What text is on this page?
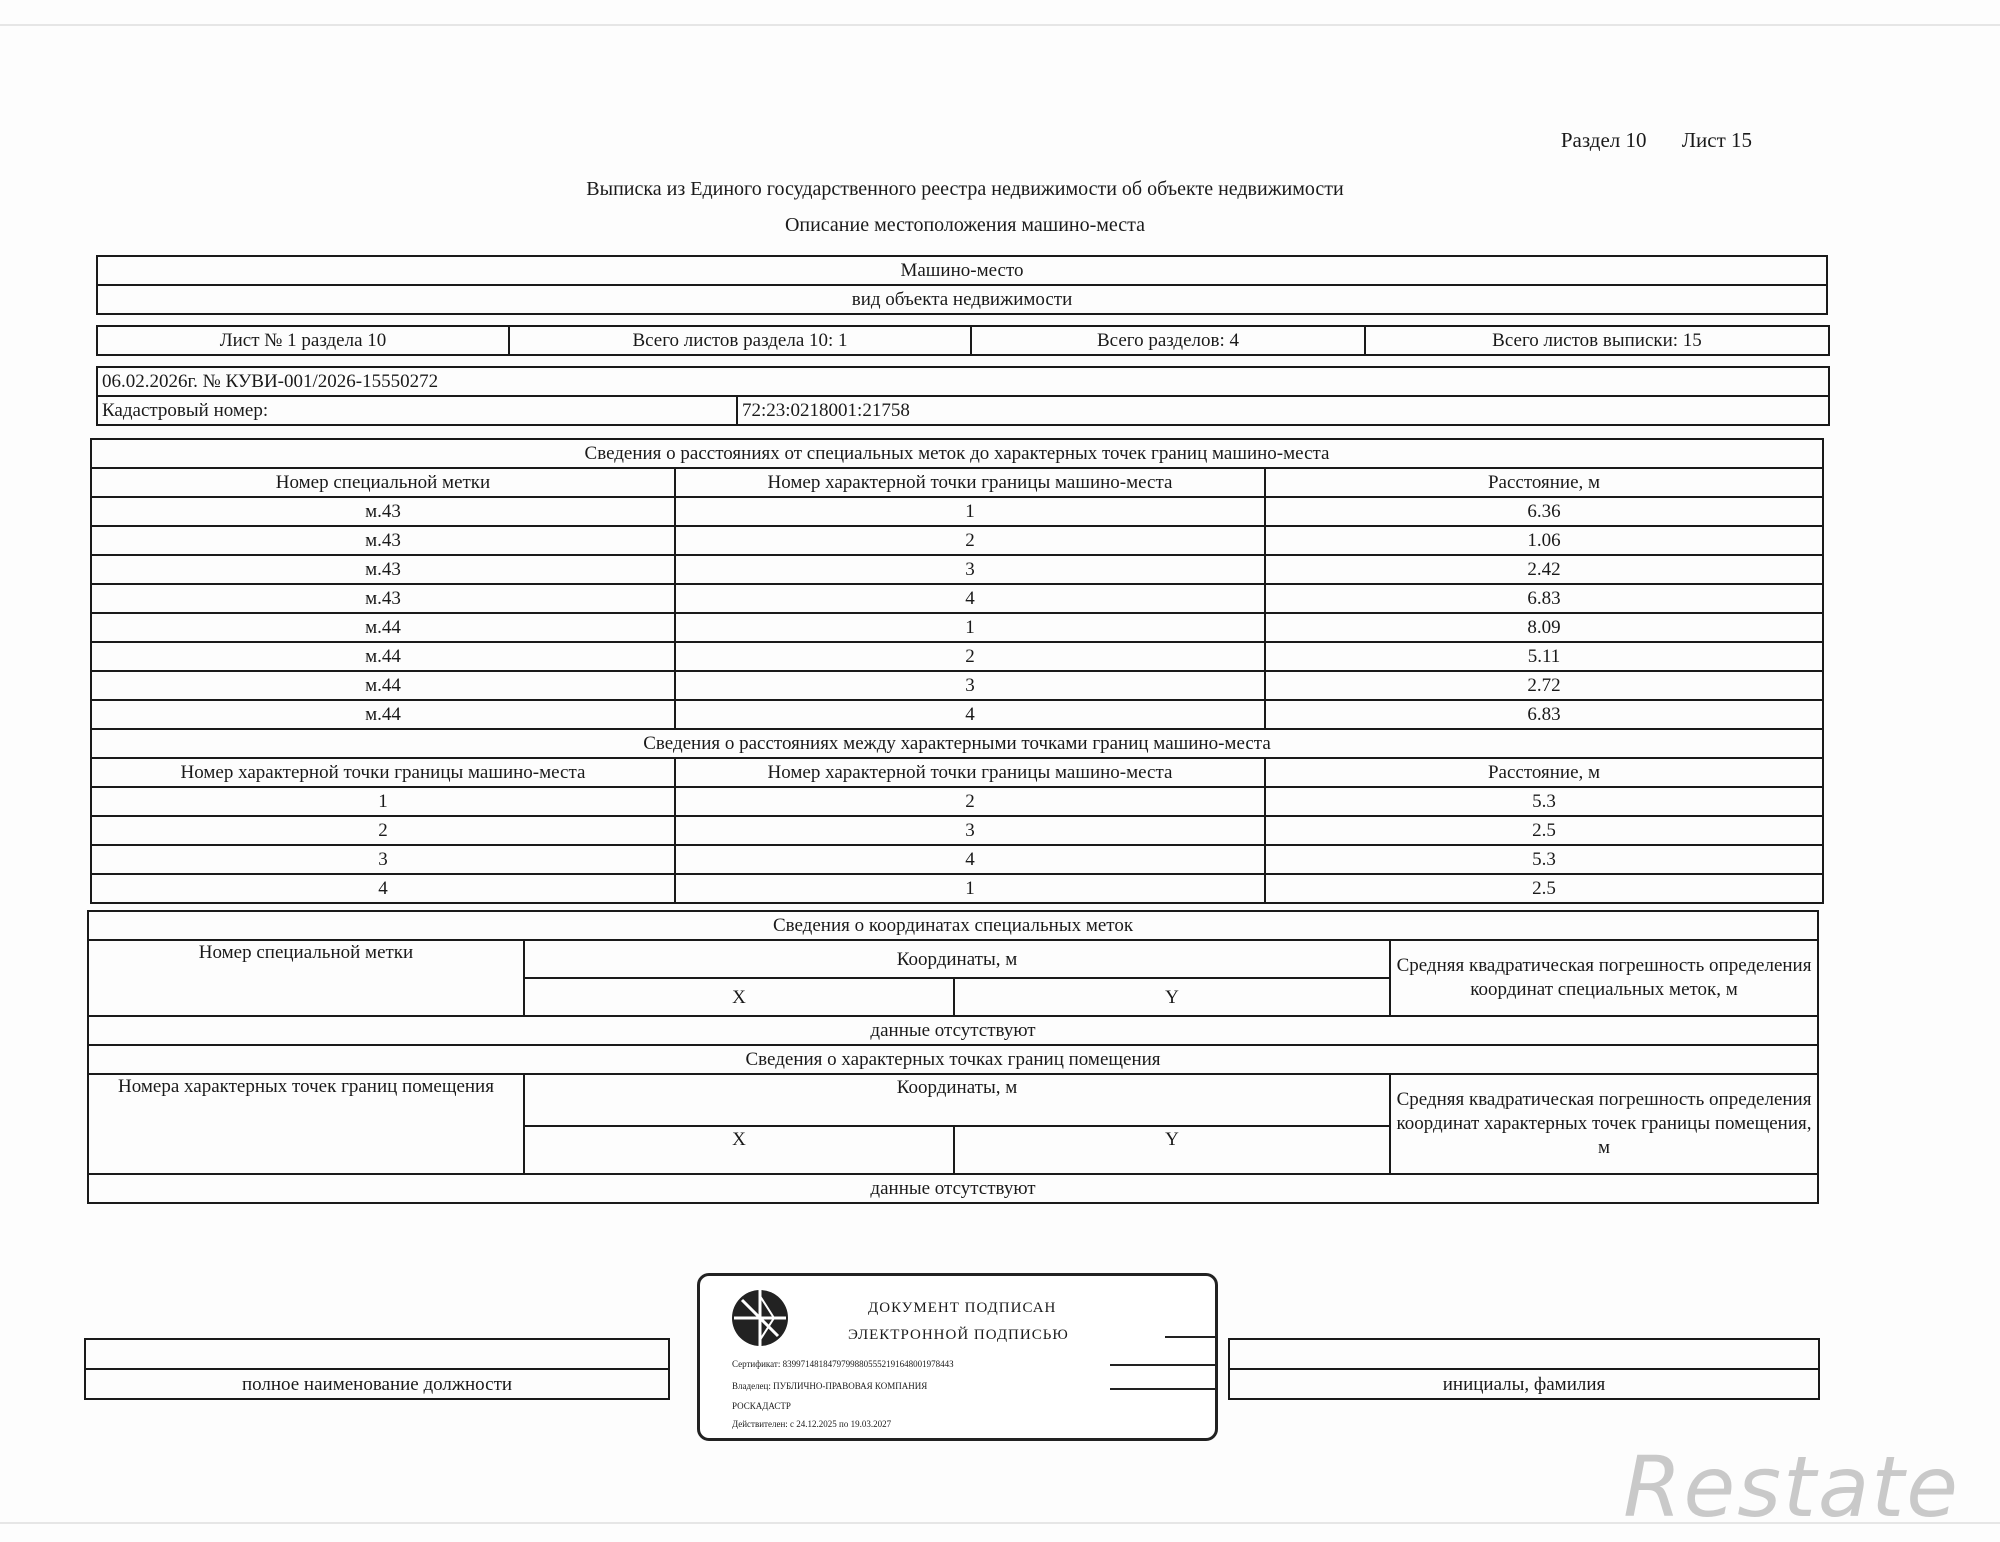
Раздел 10 Лист 15
Выписка из Единого государственного реестра недвижимости об объекте недвижимости
Описание местоположения машино-места
Машино-место
вид объекта недвижимости
Лист № 1 раздела 10	Всего листов раздела 10: 1	Всего разделов: 4	Всего листов выписки: 15
06.02.2026г. № КУВИ-001/2026-15550272
Кадастровый номер:	72:23:0218001:21758
Сведения о расстояниях от специальных меток до характерных точек границ машино-места		
Номер специальной метки	Номер характерной точки границы машино-места	Расстояние, м
м.43	1	6.36
м.43	2	1.06
м.43	3	2.42
м.43	4	6.83
м.44	1	8.09
м.44	2	5.11
м.44	3	2.72
м.44	4	6.83
Сведения о расстояниях между характерными точками границ машино-места		
Номер характерной точки границы машино-места	Номер характерной точки границы машино-места	Расстояние, м
1	2	5.3
2	3	2.5
3	4	5.3
4	1	2.5
Сведения о координатах специальных меток			
Номер специальной метки	Координаты, м		Средняя квадратическая погрешность определения координат специальных меток, м
	X	Y	
данные отсутствуют			
Сведения о характерных точках границ помещения			
Номера характерных точек границ помещения	Координаты, м		Средняя квадратическая погрешность определения координат характерных точек границы помещения, м
	X	Y	
данные отсутствуют			

полное наименование должности		инициалы, фамилия
ДОКУМЕНТ ПОДПИСАН
ЭЛЕКТРОННОЙ ПОДПИСЬЮ
Сертификат: 8399714818479799880555219164800197844З
Владелец: ПУБЛИЧНО-ПРАВОВАЯ КОМПАНИЯ
РОСКАДАСТР
Действителен: с 24.12.2025 по 19.03.2027
Restate
